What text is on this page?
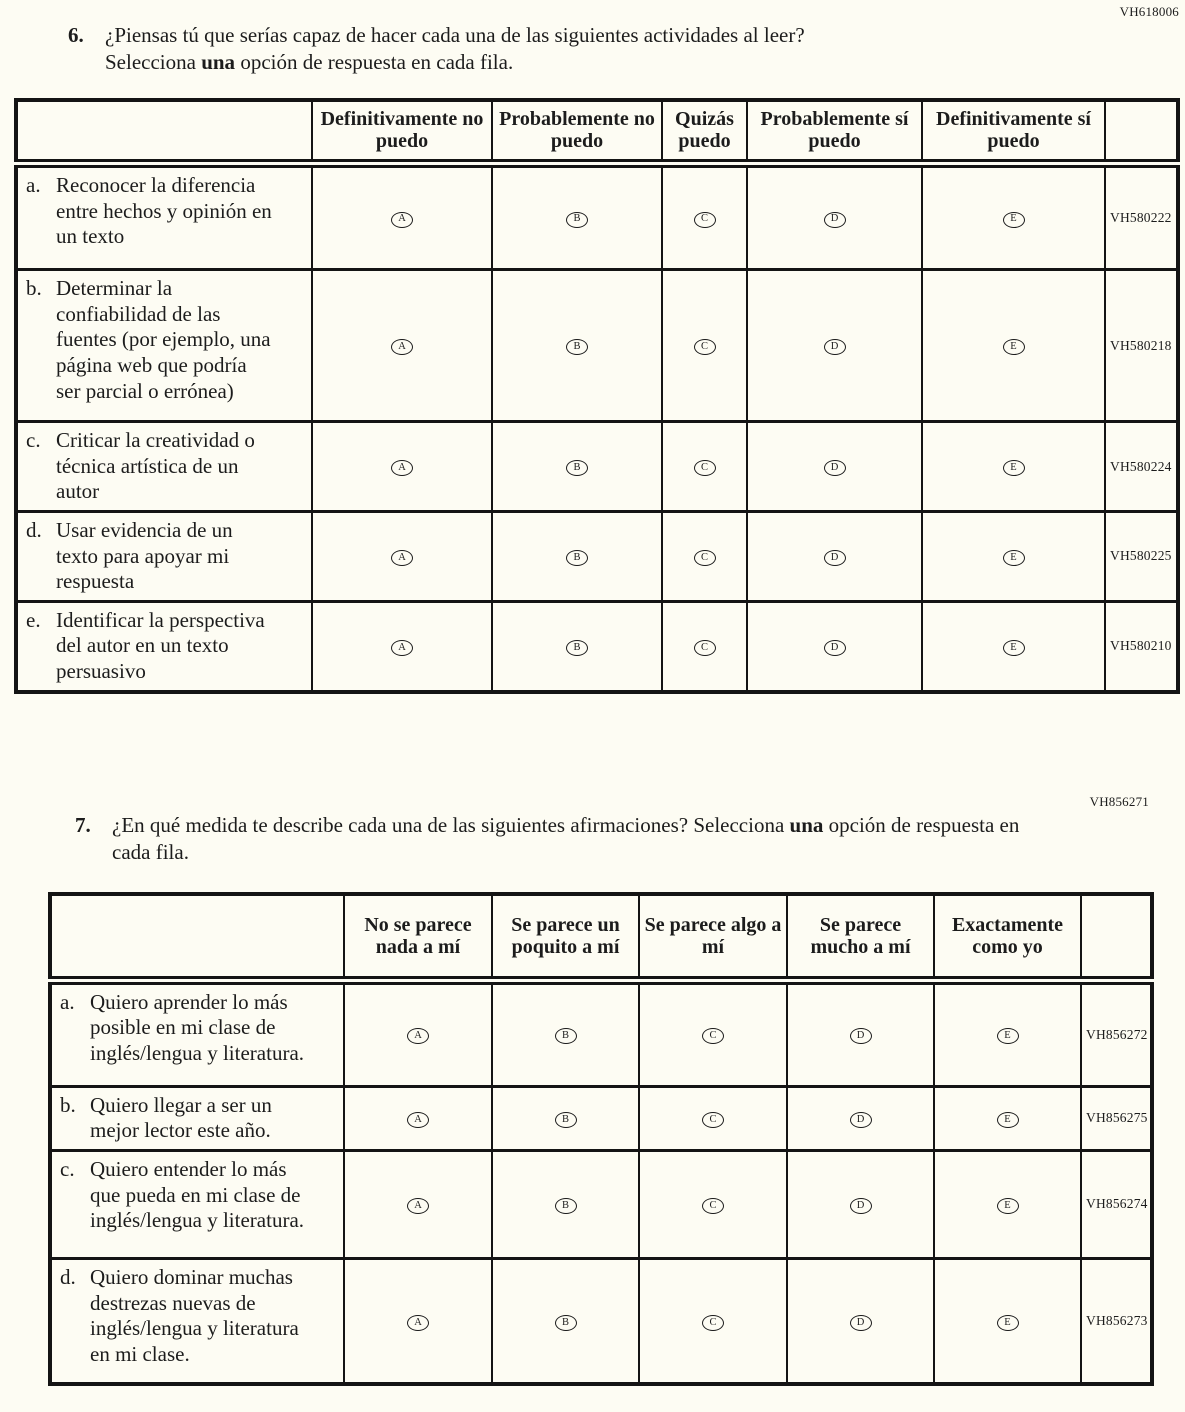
VH618006
6.	¿Piensas tú que serías capaz de hacer cada una de las siguientes actividades al leer? Selecciona una opción de respuesta en cada fila.
	Definitivamente no puedo	Probablemente no puedo	Quizás puedo	Probablemente sí puedo	Definitivamente sí puedo	

a. Reconocer la diferencia entre hechos y opinión en un texto	A	B	C	D	E	VH580222

b. Determinar la confiabilidad de las fuentes (por ejemplo, una página web que podría ser parcial o errónea)	A	B	C	D	E	VH580218

c. Criticar la creatividad o técnica artística de un autor	A	B	C	D	E	VH580224

d. Usar evidencia de un texto para apoyar mi respuesta	A	B	C	D	E	VH580225

e. Identificar la perspectiva del autor en un texto persuasivo	A	B	C	D	E	VH580210
VH856271
7.	¿En qué medida te describe cada una de las siguientes afirmaciones? Selecciona una opción de respuesta en cada fila.
	No se parece nada a mí	Se parece un poquito a mí	Se parece algo a mí	Se parece mucho a mí	Exactamente como yo	

a. Quiero aprender lo más posible en mi clase de inglés/lengua y literatura.	A	B	C	D	E	VH856272

b. Quiero llegar a ser un mejor lector este año.	A	B	C	D	E	VH856275

c. Quiero entender lo más que pueda en mi clase de inglés/lengua y literatura.	A	B	C	D	E	VH856274

d. Quiero dominar muchas destrezas nuevas de inglés/lengua y literatura en mi clase.	A	B	C	D	E	VH856273
